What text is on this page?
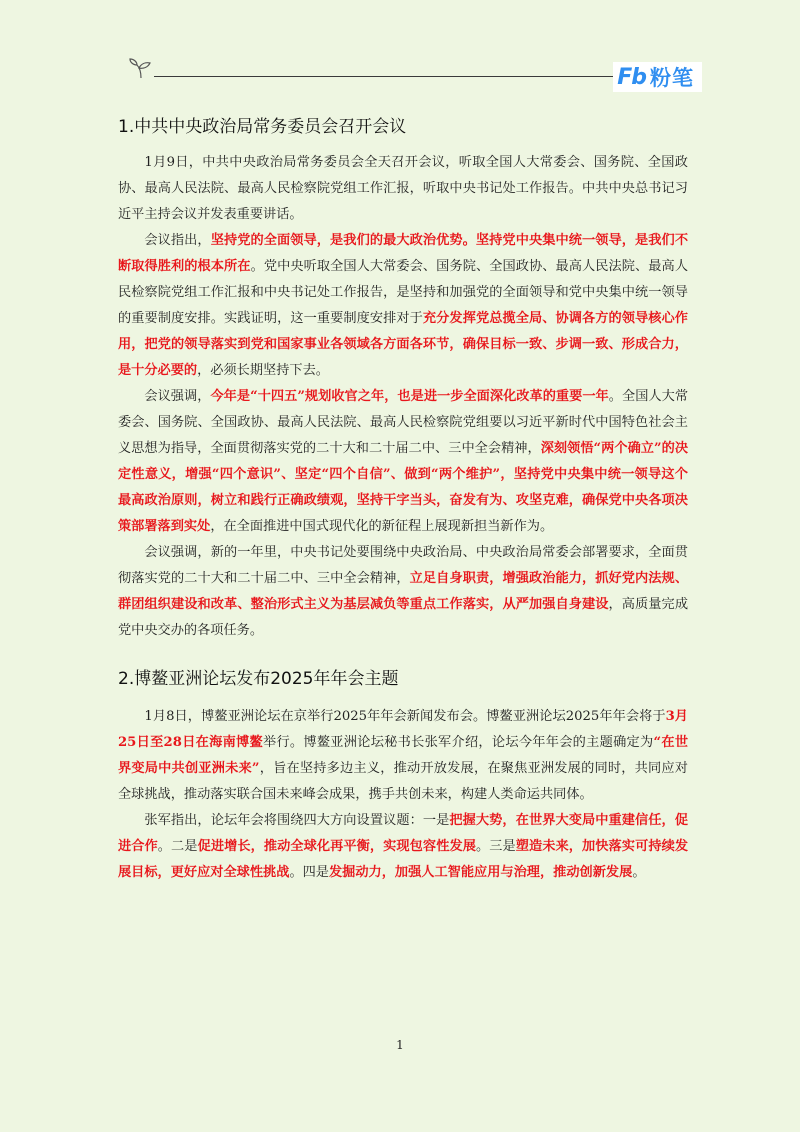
Fb 粉笔
1.中共中央政治局常务委员会召开会议

1月9日，中共中央政治局常务委员会全天召开会议，听取全国人大常委会、国务院、全国政协、最高人民法院、最高人民检察院党组工作汇报，听取中央书记处工作报告。中共中央总书记习近平主持会议并发表重要讲话。

会议指出，坚持党的全面领导，是我们的最大政治优势。坚持党中央集中统一领导，是我们不断取得胜利的根本所在。党中央听取全国人大常委会、国务院、全国政协、最高人民法院、最高人民检察院党组工作汇报和中央书记处工作报告，是坚持和加强党的全面领导和党中央集中统一领导的重要制度安排。实践证明，这一重要制度安排对于充分发挥党总揽全局、协调各方的领导核心作用，把党的领导落实到党和国家事业各领域各方面各环节，确保目标一致、步调一致、形成合力，是十分必要的，必须长期坚持下去。

会议强调，今年是“十四五”规划收官之年，也是进一步全面深化改革的重要一年。全国人大常委会、国务院、全国政协、最高人民法院、最高人民检察院党组要以习近平新时代中国特色社会主义思想为指导，全面贯彻落实党的二十大和二十届二中、三中全会精神，深刻领悟“两个确立”的决定性意义，增强“四个意识”、坚定“四个自信”、做到“两个维护”，坚持党中央集中统一领导这个最高政治原则，树立和践行正确政绩观，坚持干字当头，奋发有为、攻坚克难，确保党中央各项决策部署落到实处，在全面推进中国式现代化的新征程上展现新担当新作为。

会议强调，新的一年里，中央书记处要围绕中央政治局、中央政治局常委会部署要求，全面贯彻落实党的二十大和二十届二中、三中全会精神，立足自身职责，增强政治能力，抓好党内法规、群团组织建设和改革、整治形式主义为基层减负等重点工作落实，从严加强自身建设，高质量完成党中央交办的各项任务。

2.博鳌亚洲论坛发布2025年年会主题

1月8日，博鳌亚洲论坛在京举行2025年年会新闻发布会。博鳌亚洲论坛2025年年会将于3月25日至28日在海南博鳌举行。博鳌亚洲论坛秘书长张军介绍，论坛今年年会的主题确定为“在世界变局中共创亚洲未来”，旨在坚持多边主义，推动开放发展，在聚焦亚洲发展的同时，共同应对全球挑战，推动落实联合国未来峰会成果，携手共创未来，构建人类命运共同体。

张军指出，论坛年会将围绕四大方向设置议题：一是把握大势，在世界大变局中重建信任，促进合作。二是促进增长，推动全球化再平衡，实现包容性发展。三是塑造未来，加快落实可持续发展目标，更好应对全球性挑战。四是发掘动力，加强人工智能应用与治理，推动创新发展。

1
